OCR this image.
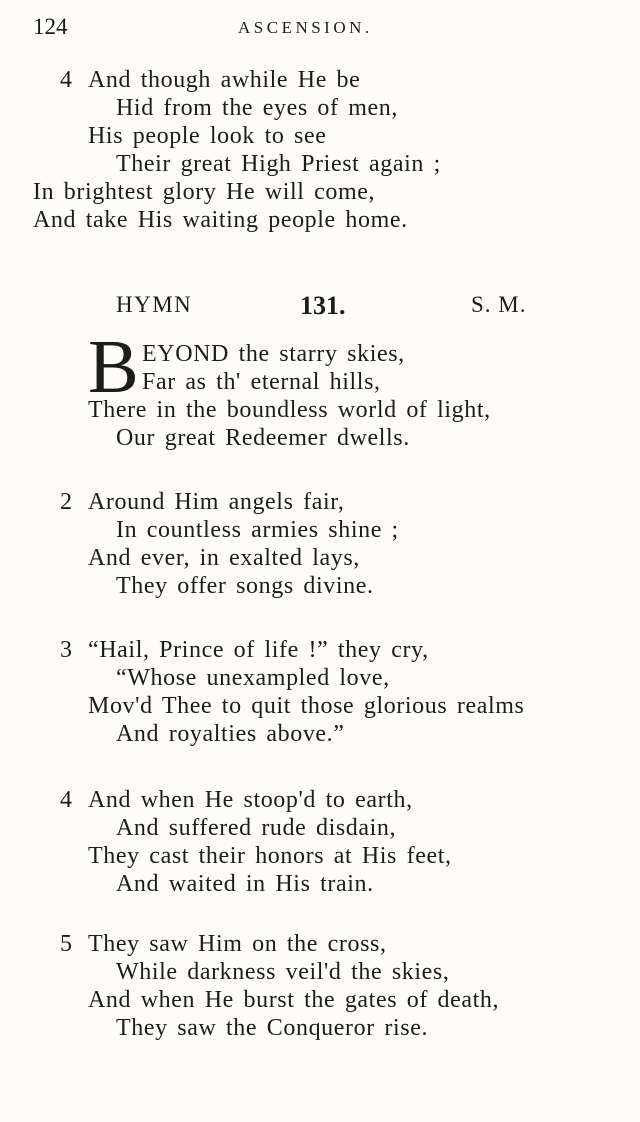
124	ASCENSION.
4 And though awhile He be
Hid from the eyes of men,
His people look to see
Their great High Priest again ;
In brightest glory He will come,
And take His waiting people home.
HYMN	131.	S. M.
B EYOND the starry skies,
Far as th' eternal hills,
There in the boundless world of light,
Our great Redeemer dwells.
2 Around Him angels fair,
In countless armies shine ;
And ever, in exalted lays,
They offer songs divine.
3 “Hail, Prince of life !” they cry,
“Whose unexampled love,
Mov'd Thee to quit those glorious realms
And royalties above.”
4 And when He stoop'd to earth,
And suffered rude disdain,
They cast their honors at His feet,
And waited in His train.
5 They saw Him on the cross,
While darkness veil'd the skies,
And when He burst the gates of death,
They saw the Conqueror rise.
